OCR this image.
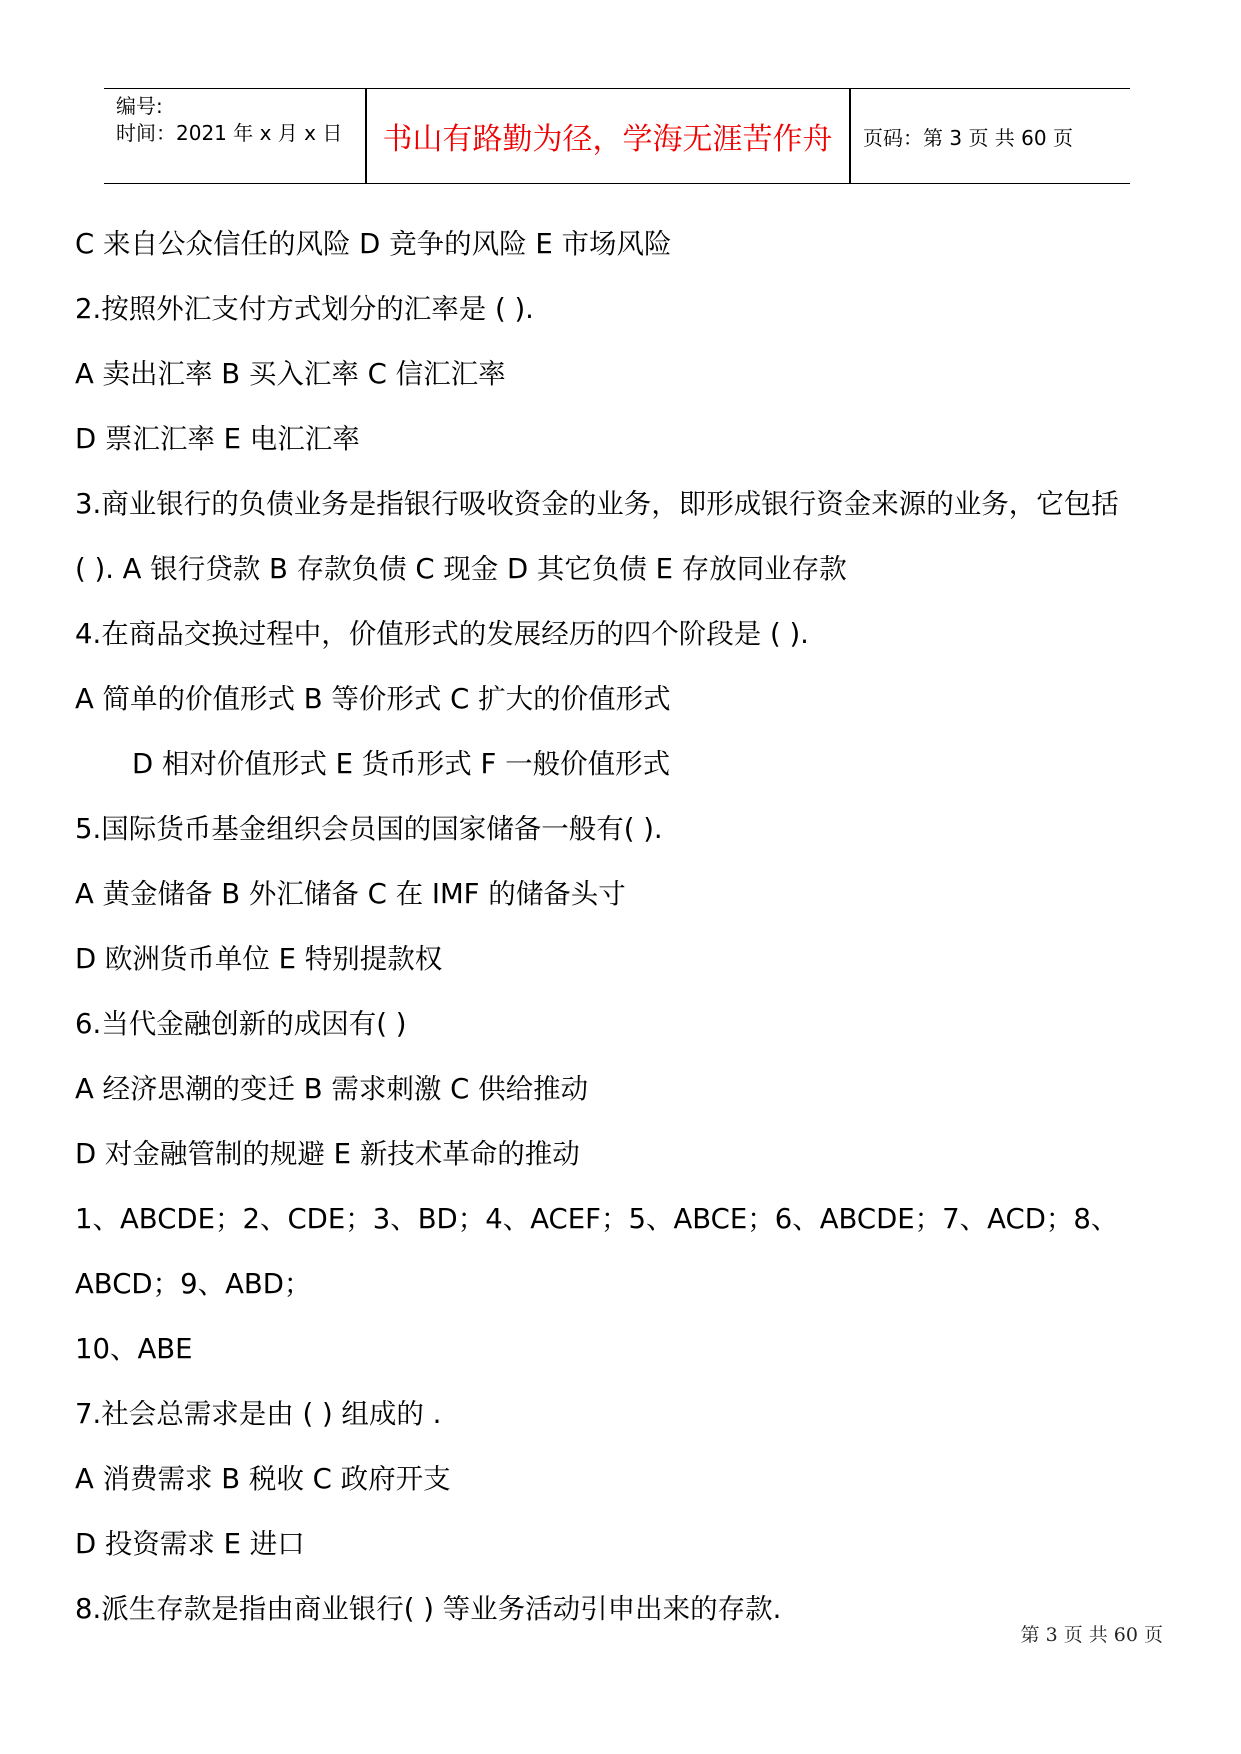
编号:
时间：2021 年 x 月 x 日	书山有路勤为径，学海无涯苦作舟	页码：第 3 页 共 60 页
C 来自公众信任的风险 D 竞争的风险 E 市场风险
2.按照外汇支付方式划分的汇率是 ( ).
A 卖出汇率 B 买入汇率 C 信汇汇率
D 票汇汇率 E 电汇汇率
3.商业银行的负债业务是指银行吸收资金的业务，即形成银行资金来源的业务，它包括
( ). A 银行贷款 B 存款负债 C 现金 D 其它负债 E 存放同业存款
4.在商品交换过程中，价值形式的发展经历的四个阶段是 ( ).
A 简单的价值形式 B 等价形式 C 扩大的价值形式
D 相对价值形式 E 货币形式 F 一般价值形式
5.国际货币基金组织会员国的国家储备一般有( ).
A 黄金储备 B 外汇储备 C 在 IMF 的储备头寸
D 欧洲货币单位 E 特别提款权
6.当代金融创新的成因有( )
A 经济思潮的变迁 B 需求刺激 C 供给推动
D 对金融管制的规避 E 新技术革命的推动
1、ABCDE；2、CDE；3、BD；4、ACEF；5、ABCE；6、ABCDE；7、ACD；8、
ABCD；9、ABD；
10、ABE
7.社会总需求是由 ( ) 组成的 .
A 消费需求 B 税收 C 政府开支
D 投资需求 E 进口
8.派生存款是指由商业银行( ) 等业务活动引申出来的存款.
第 3 页 共 60 页
